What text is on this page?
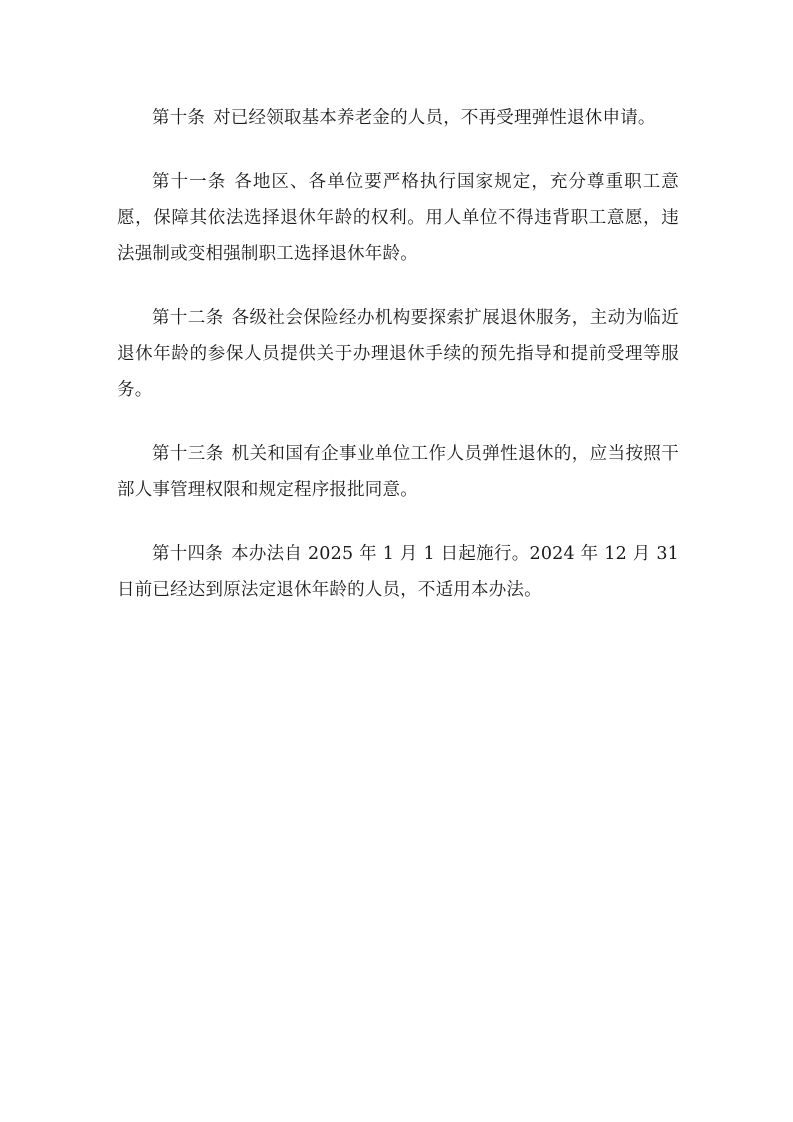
第十条 对已经领取基本养老金的人员，不再受理弹性退休申请。

第十一条 各地区、各单位要严格执行国家规定，充分尊重职工意愿，保障其依法选择退休年龄的权利。用人单位不得违背职工意愿，违法强制或变相强制职工选择退休年龄。

第十二条 各级社会保险经办机构要探索扩展退休服务，主动为临近退休年龄的参保人员提供关于办理退休手续的预先指导和提前受理等服务。

第十三条 机关和国有企事业单位工作人员弹性退休的，应当按照干部人事管理权限和规定程序报批同意。

第十四条 本办法自 2025 年 1 月 1 日起施行。2024 年 12 月 31 日前已经达到原法定退休年龄的人员，不适用本办法。
